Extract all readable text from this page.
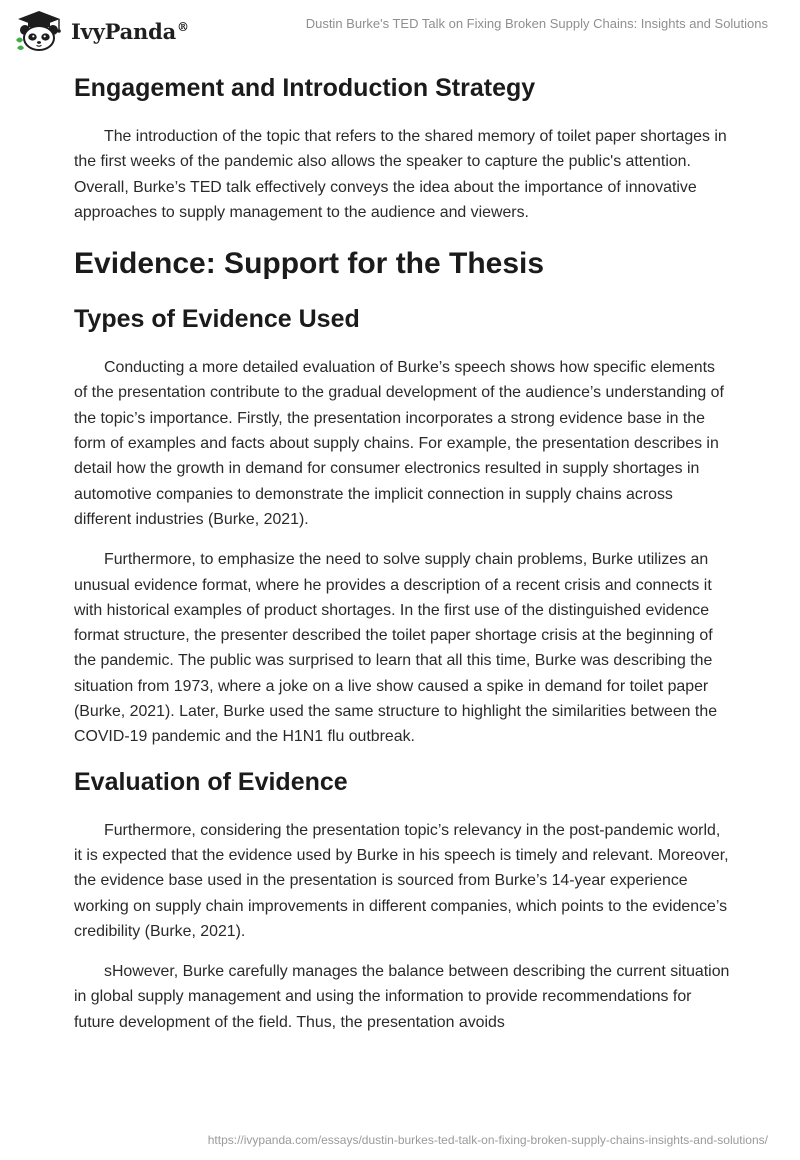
IvyPanda®	Dustin Burke's TED Talk on Fixing Broken Supply Chains: Insights and Solutions
Engagement and Introduction Strategy

The introduction of the topic that refers to the shared memory of toilet paper shortages in the first weeks of the pandemic also allows the speaker to capture the public's attention. Overall, Burke’s TED talk effectively conveys the idea about the importance of innovative approaches to supply management to the audience and viewers.

Evidence: Support for the Thesis
Types of Evidence Used

Conducting a more detailed evaluation of Burke’s speech shows how specific elements of the presentation contribute to the gradual development of the audience’s understanding of the topic’s importance. Firstly, the presentation incorporates a strong evidence base in the form of examples and facts about supply chains. For example, the presentation describes in detail how the growth in demand for consumer electronics resulted in supply shortages in automotive companies to demonstrate the implicit connection in supply chains across different industries (Burke, 2021).

Furthermore, to emphasize the need to solve supply chain problems, Burke utilizes an unusual evidence format, where he provides a description of a recent crisis and connects it with historical examples of product shortages. In the first use of the distinguished evidence format structure, the presenter described the toilet paper shortage crisis at the beginning of the pandemic. The public was surprised to learn that all this time, Burke was describing the situation from 1973, where a joke on a live show caused a spike in demand for toilet paper (Burke, 2021). Later, Burke used the same structure to highlight the similarities between the COVID-19 pandemic and the H1N1 flu outbreak.

Evaluation of Evidence

Furthermore, considering the presentation topic’s relevancy in the post-pandemic world, it is expected that the evidence used by Burke in his speech is timely and relevant. Moreover, the evidence base used in the presentation is sourced from Burke’s 14-year experience working on supply chain improvements in different companies, which points to the evidence’s credibility (Burke, 2021).

sHowever, Burke carefully manages the balance between describing the current situation in global supply management and using the information to provide recommendations for future development of the field. Thus, the presentation avoids

https://ivypanda.com/essays/dustin-burkes-ted-talk-on-fixing-broken-supply-chains-insights-and-solutions/
